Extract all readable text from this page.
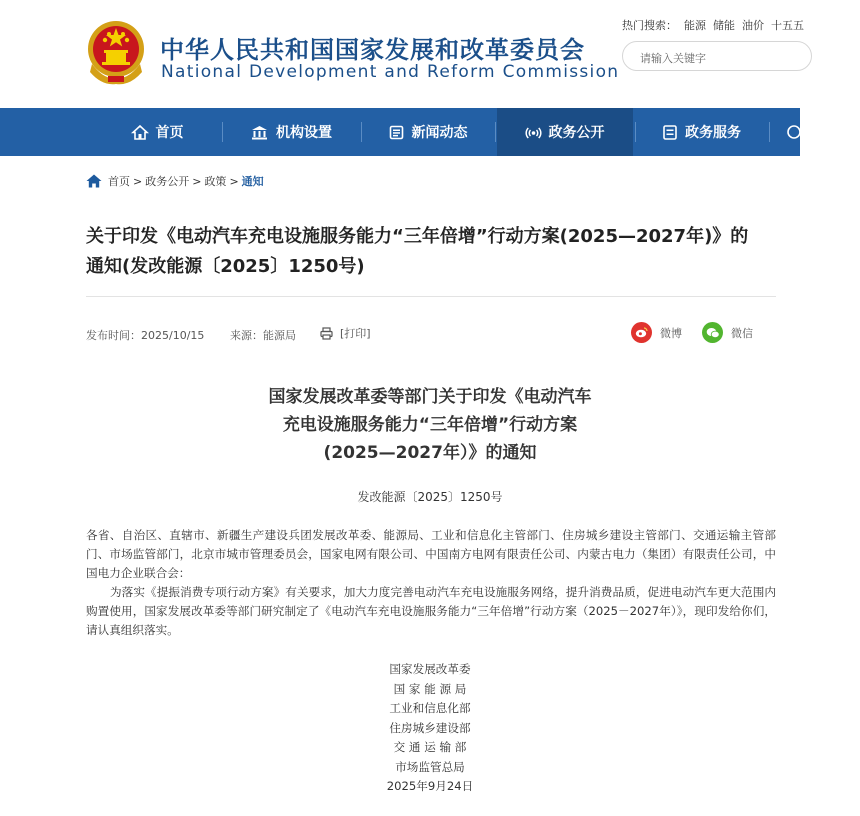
中华人民共和国国家发展和改革委员会
National Development and Reform Commission
热门搜索： 能源 储能 油价 十五五
请输入关键字
首页	机构设置	新闻动态	政务公开	政务服务
首页 > 政务公开 > 政策 > 通知
关于印发《电动汽车充电设施服务能力“三年倍增”行动方案(2025—2027年)》的
通知(发改能源〔2025〕1250号)
发布时间：2025/10/15 来源：能源局	[打印]	微博	微信
国家发展改革委等部门关于印发《电动汽车
充电设施服务能力“三年倍增”行动方案
(2025—2027年）》的通知
发改能源〔2025〕1250号
各省、自治区、直辖市、新疆生产建设兵团发展改革委、能源局、工业和信息化主管部门、住房城乡建设主管部门、交通运输主管部门、市场监管部门，北京市城市管理委员会，国家电网有限公司、中国南方电网有限责任公司、内蒙古电力（集团）有限责任公司，中国电力企业联合会：
为落实《提振消费专项行动方案》有关要求，加大力度完善电动汽车充电设施服务网络，提升消费品质，促进电动汽车更大范围内购置使用，国家发展改革委等部门研究制定了《电动汽车充电设施服务能力“三年倍增”行动方案（2025－2027年）》，现印发给你们，请认真组织落实。
国家发展改革委
国 家 能 源 局
工业和信息化部
住房城乡建设部
交 通 运 输 部
市场监管总局
2025年9月24日
